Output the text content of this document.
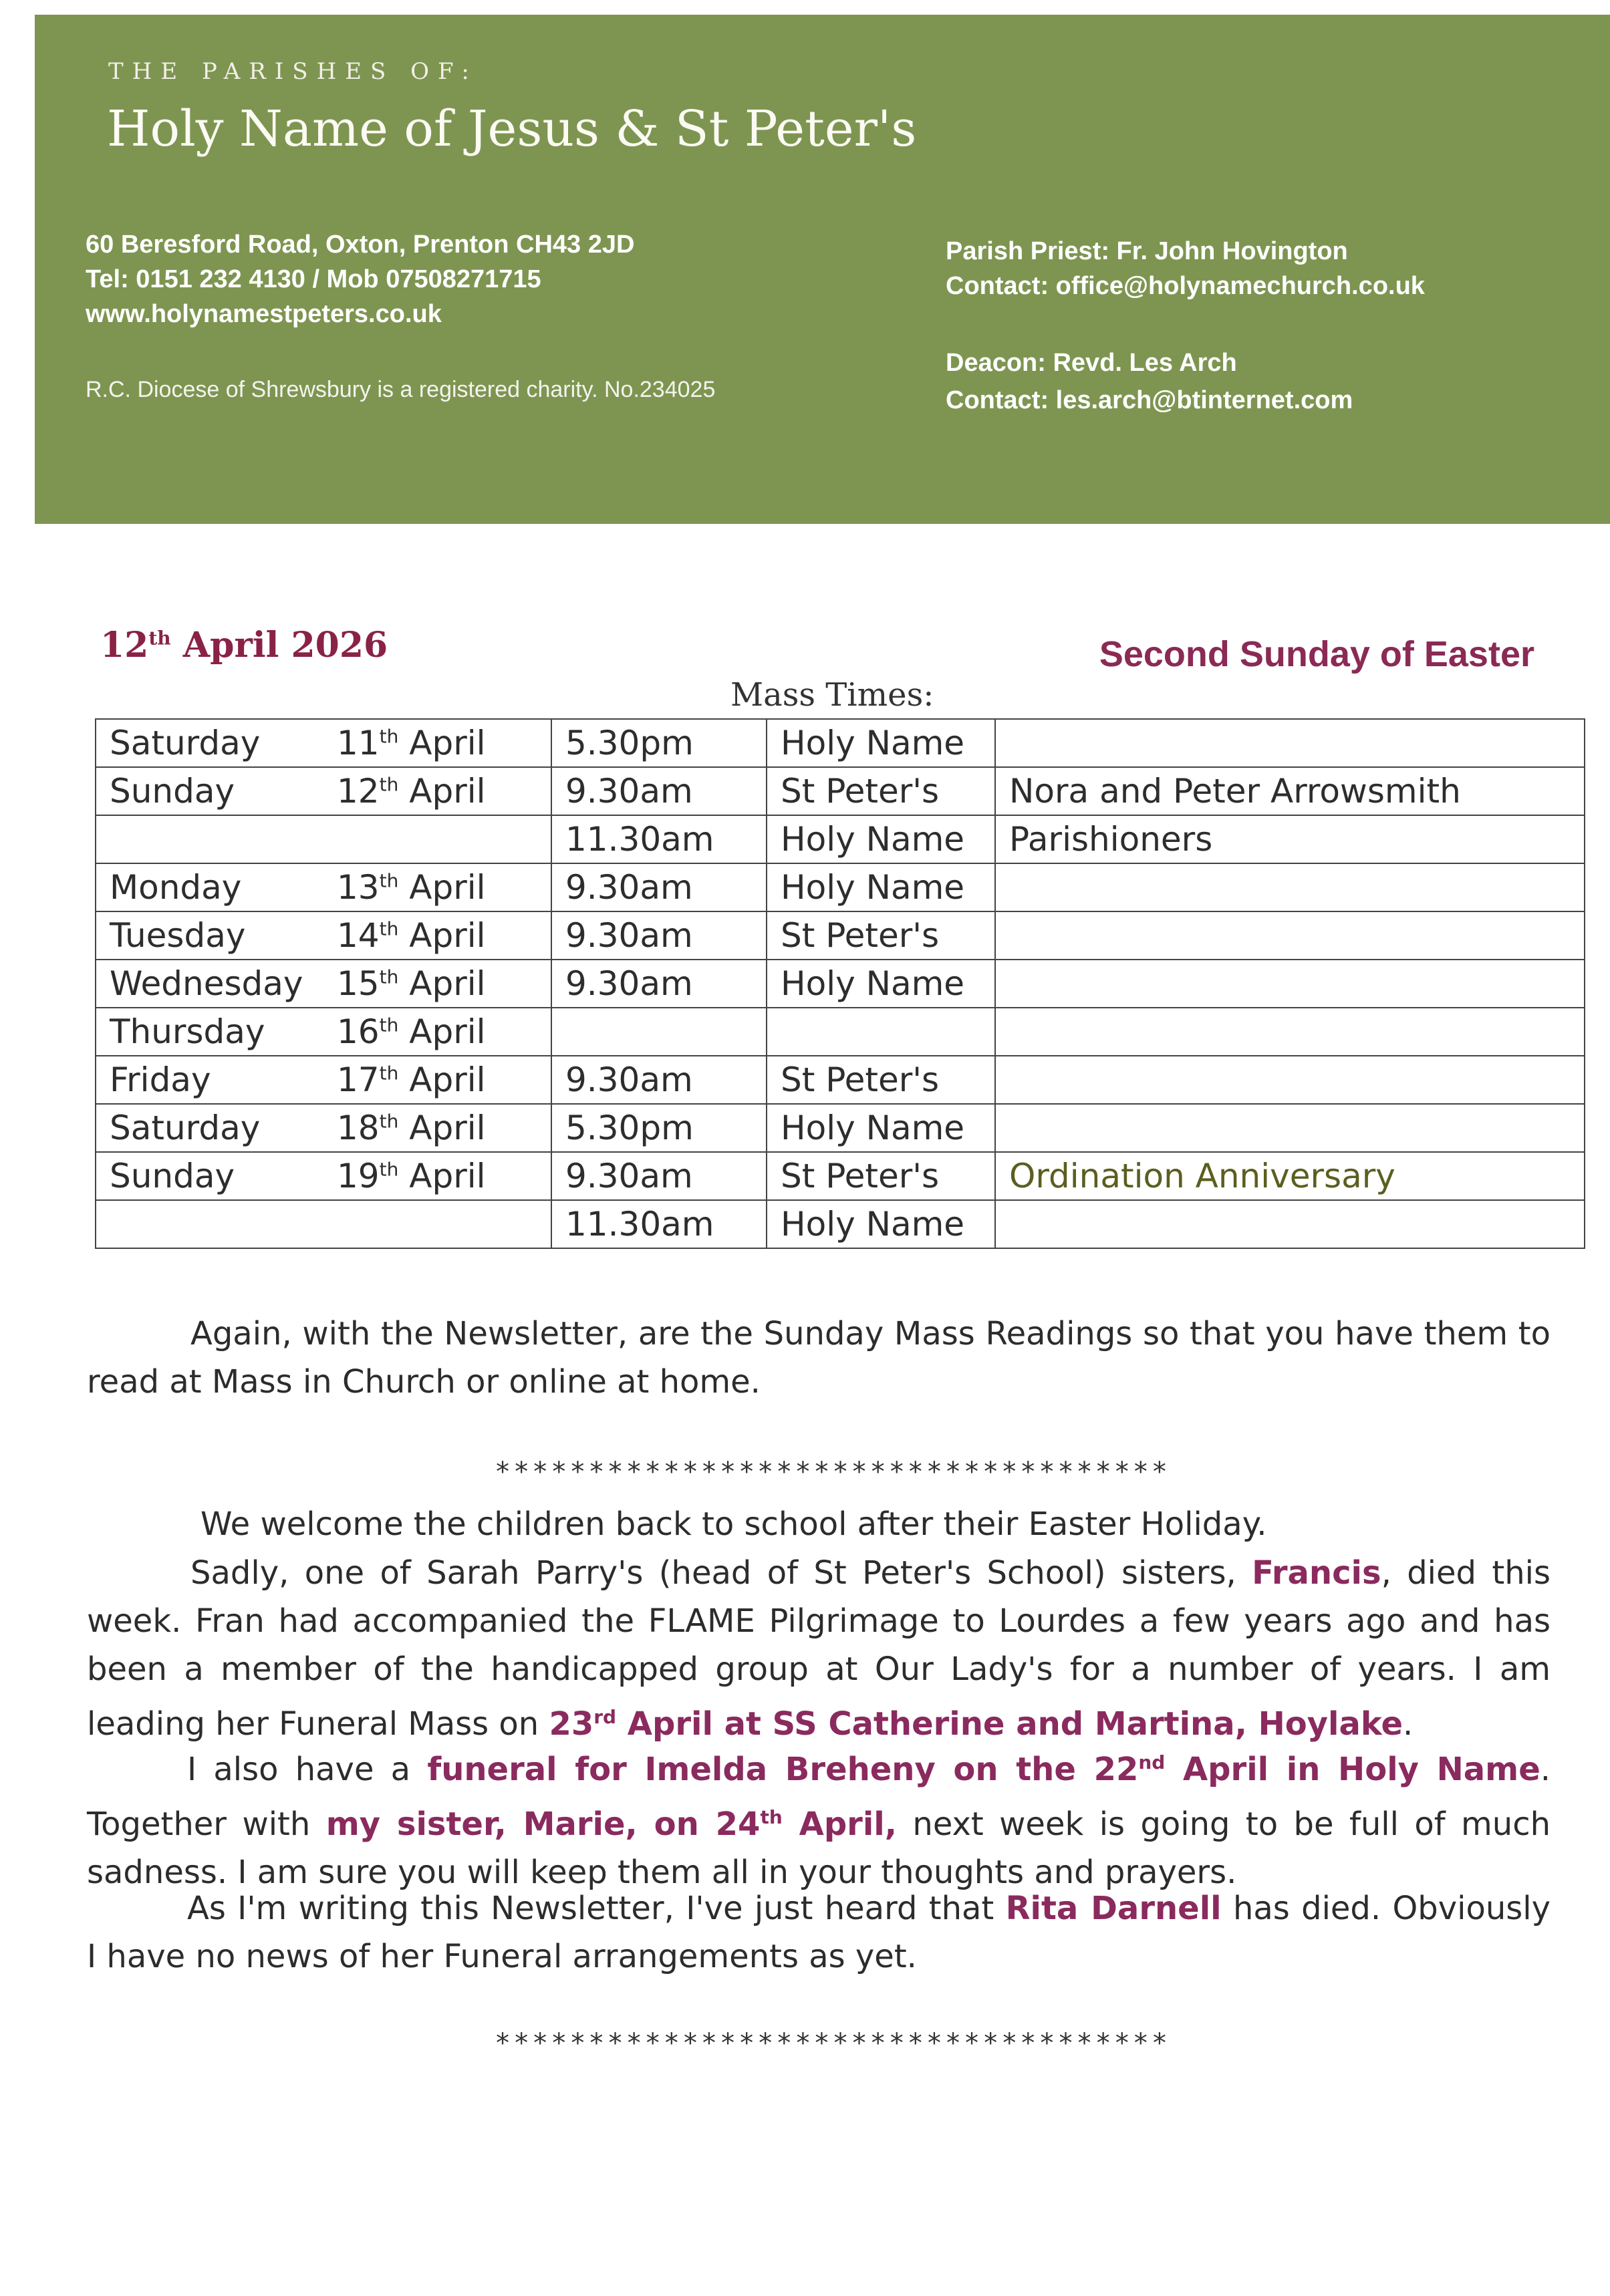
THE PARISHES OF:
Holy Name of Jesus & St Peter's
60 Beresford Road, Oxton, Prenton CH43 2JD
Tel: 0151 232 4130 / Mob 07508271715
www.holynamestpeters.co.uk
R.C. Diocese of Shrewsbury is a registered charity. No.234025
Parish Priest: Fr. John Hovington
Contact: office@holynamechurch.co.uk
Deacon: Revd. Les Arch
Contact: les.arch@btinternet.com
12th April 2026	Second Sunday of Easter
Mass Times:
Saturday	11th April	5.30pm	Holy Name	
Sunday	12th April	9.30am	St Peter's	Nora and Peter Arrowsmith
		11.30am	Holy Name	Parishioners
Monday	13th April	9.30am	Holy Name	
Tuesday	14th April	9.30am	St Peter's	
Wednesday	15th April	9.30am	Holy Name	
Thursday	16th April			
Friday	17th April	9.30am	St Peter's	
Saturday	18th April	5.30pm	Holy Name	
Sunday	19th April	9.30am	St Peter's	Ordination Anniversary
		11.30am	Holy Name	
Again, with the Newsletter, are the Sunday Mass Readings so that you have them to read at Mass in Church or online at home.
************************************
We welcome the children back to school after their Easter Holiday.
Sadly, one of Sarah Parry's (head of St Peter's School) sisters, Francis, died this week. Fran had accompanied the FLAME Pilgrimage to Lourdes a few years ago and has been a member of the handicapped group at Our Lady's for a number of years. I am leading her Funeral Mass on 23rd April at SS Catherine and Martina, Hoylake.
I also have a funeral for Imelda Breheny on the 22nd April in Holy Name. Together with my sister, Marie, on 24th April, next week is going to be full of much sadness. I am sure you will keep them all in your thoughts and prayers.
As I'm writing this Newsletter, I've just heard that Rita Darnell has died. Obviously I have no news of her Funeral arrangements as yet.
************************************
